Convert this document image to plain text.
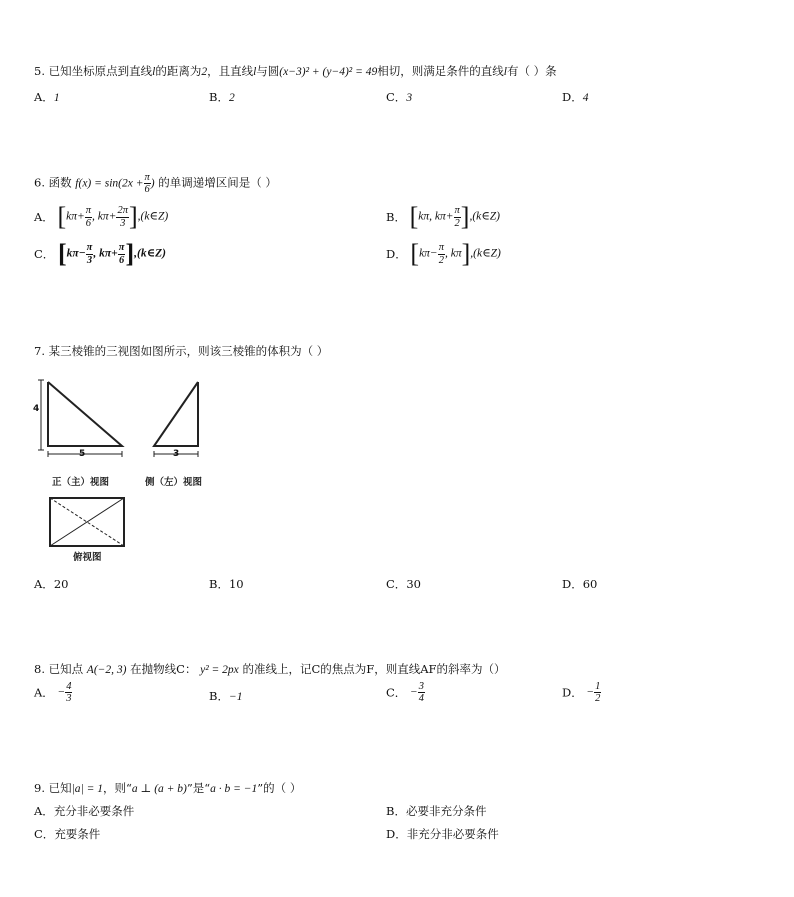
5. 已知坐标原点到直线l的距离为2，且直线l与圆(x−3)² + (y−4)² = 49相切，则满足条件的直线l有（ ）条
A．1	B．2	C．3	D．4
6. 函数 $f(x) = \sin(2x + \frac{\pi}{6}$ ) 的单调递增区间是（ ）
A． [$k\pi+ \frac{\pi}{6}$ , $k\pi+ \frac{2\pi}{3}$ ],(k∈Z)	B． [kπ, $k\pi+ \frac{\pi}{2}$ ],(k∈Z)
C． [$k\pi- \frac{\pi}{3}$ , $k\pi+ \frac{\pi}{6}$ ],(k∈Z)	D． [$k\pi- \frac{\pi}{2}$ , kπ],(k∈Z)
7. 某三棱锥的三视图如图所示，则该三棱锥的体积为（ ）
4
5	3
正（主）视图	侧（左）视图
俯视图
A．20	B．10	C．30	D．60
8. 已知点 A(−2, 3) 在抛物线C： y² = 2px 的准线上，记C的焦点为F，则直线AF的斜率为（）
A． − $\frac{4}{3}$	B．−1	C． − $\frac{3}{4}$	D． − $\frac{1}{2}$
9. 已知|a| = 1，则“a ⊥ (a + b)”是“a · b = −1”的（ ）
A．充分非必要条件	B．必要非充分条件
C．充要条件	D．非充分非必要条件
